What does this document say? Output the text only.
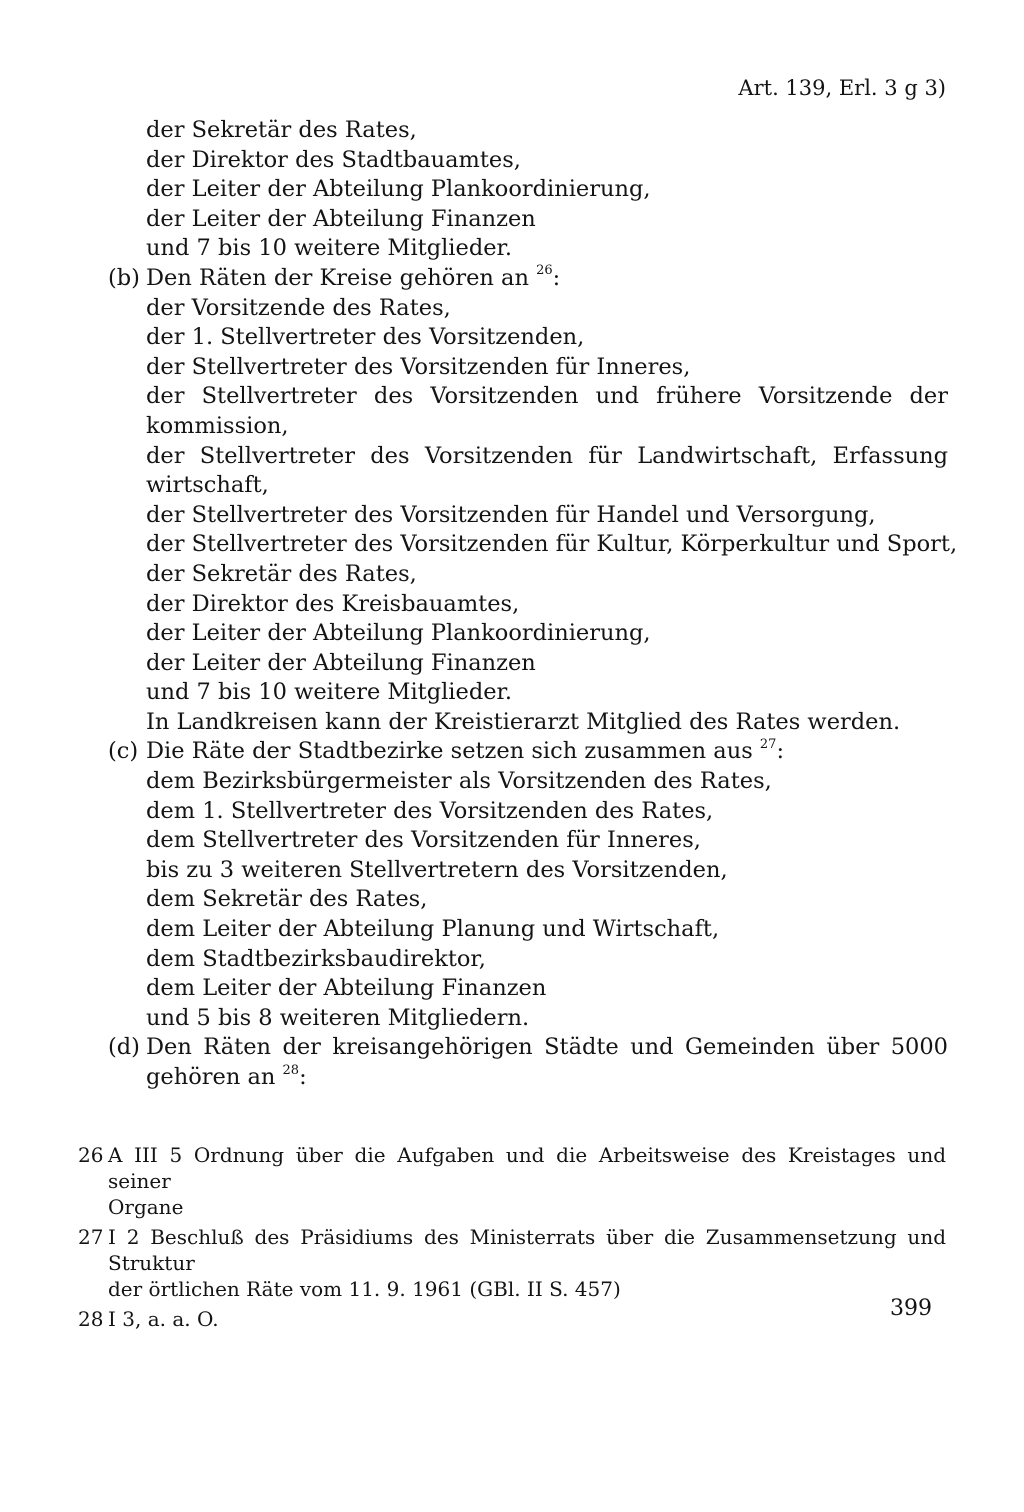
Art. 139, Erl. 3 g 3)
der Sekretär des Rates,
der Direktor des Stadtbauamtes,
der Leiter der Abteilung Plankoordinierung,
der Leiter der Abteilung Finanzen
und 7 bis 10 weitere Mitglieder.
(b) Den Räten der Kreise gehören an $^{26}$:
der Vorsitzende des Rates,
der 1. Stellvertreter des Vorsitzenden,
der Stellvertreter des Vorsitzenden für Inneres,
der Stellvertreter des Vorsitzenden und frühere Vorsitzende der
kommission,
der Stellvertreter des Vorsitzenden für Landwirtschaft, Erfassung
wirtschaft,
der Stellvertreter des Vorsitzenden für Handel und Versorgung,
der Stellvertreter des Vorsitzenden für Kultur, Körperkultur und Sport,
der Sekretär des Rates,
der Direktor des Kreisbauamtes,
der Leiter der Abteilung Plankoordinierung,
der Leiter der Abteilung Finanzen
und 7 bis 10 weitere Mitglieder.
In Landkreisen kann der Kreistierarzt Mitglied des Rates werden.
(c) Die Räte der Stadtbezirke setzen sich zusammen aus $^{27}$:
dem Bezirksbürgermeister als Vorsitzenden des Rates,
dem 1. Stellvertreter des Vorsitzenden des Rates,
dem Stellvertreter des Vorsitzenden für Inneres,
bis zu 3 weiteren Stellvertretern des Vorsitzenden,
dem Sekretär des Rates,
dem Leiter der Abteilung Planung und Wirtschaft,
dem Stadtbezirksbaudirektor,
dem Leiter der Abteilung Finanzen
und 5 bis 8 weiteren Mitgliedern.
(d) Den Räten der kreisangehörigen Städte und Gemeinden über 5000
gehören an $^{28}$:
26 A III 5 Ordnung über die Aufgaben und die Arbeitsweise des Kreistages und seiner
Organe
27 I 2 Beschluß des Präsidiums des Ministerrats über die Zusammensetzung und Struktur
der örtlichen Räte vom 11. 9. 1961 (GBl. II S. 457)
28 I 3, a. a. O.	399
